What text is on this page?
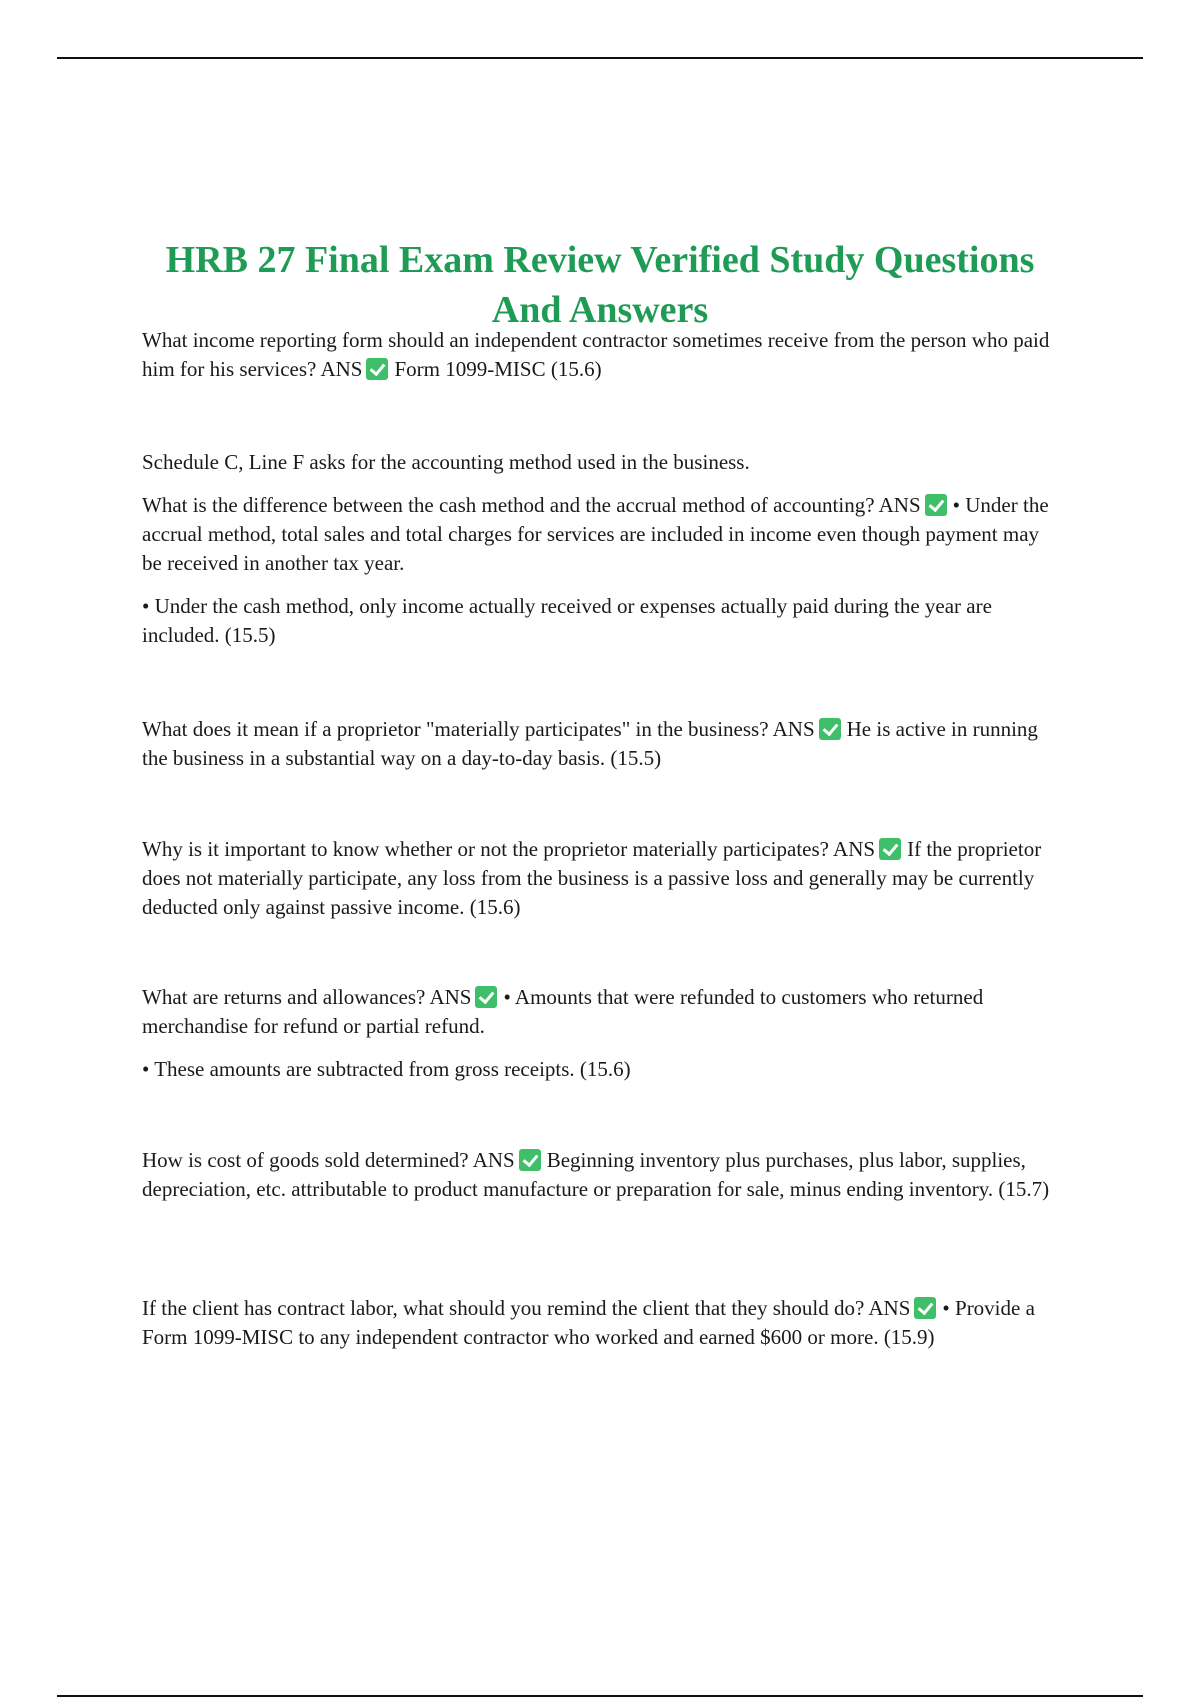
HRB 27 Final Exam Review Verified Study Questions And Answers

What income reporting form should an independent contractor sometimes receive from the person who paid him for his services? ANS Form 1099-MISC (15.6)

Schedule C, Line F asks for the accounting method used in the business.

What is the difference between the cash method and the accrual method of accounting? ANS • Under the accrual method, total sales and total charges for services are included in income even though payment may be received in another tax year.

• Under the cash method, only income actually received or expenses actually paid during the year are included. (15.5)

What does it mean if a proprietor "materially participates" in the business? ANS He is active in running the business in a substantial way on a day-to-day basis. (15.5)

Why is it important to know whether or not the proprietor materially participates? ANS If the proprietor does not materially participate, any loss from the business is a passive loss and generally may be currently deducted only against passive income. (15.6)

What are returns and allowances? ANS • Amounts that were refunded to customers who returned merchandise for refund or partial refund.

• These amounts are subtracted from gross receipts. (15.6)

How is cost of goods sold determined? ANS Beginning inventory plus purchases, plus labor, supplies, depreciation, etc. attributable to product manufacture or preparation for sale, minus ending inventory. (15.7)

If the client has contract labor, what should you remind the client that they should do? ANS • Provide a Form 1099-MISC to any independent contractor who worked and earned $600 or more. (15.9)
